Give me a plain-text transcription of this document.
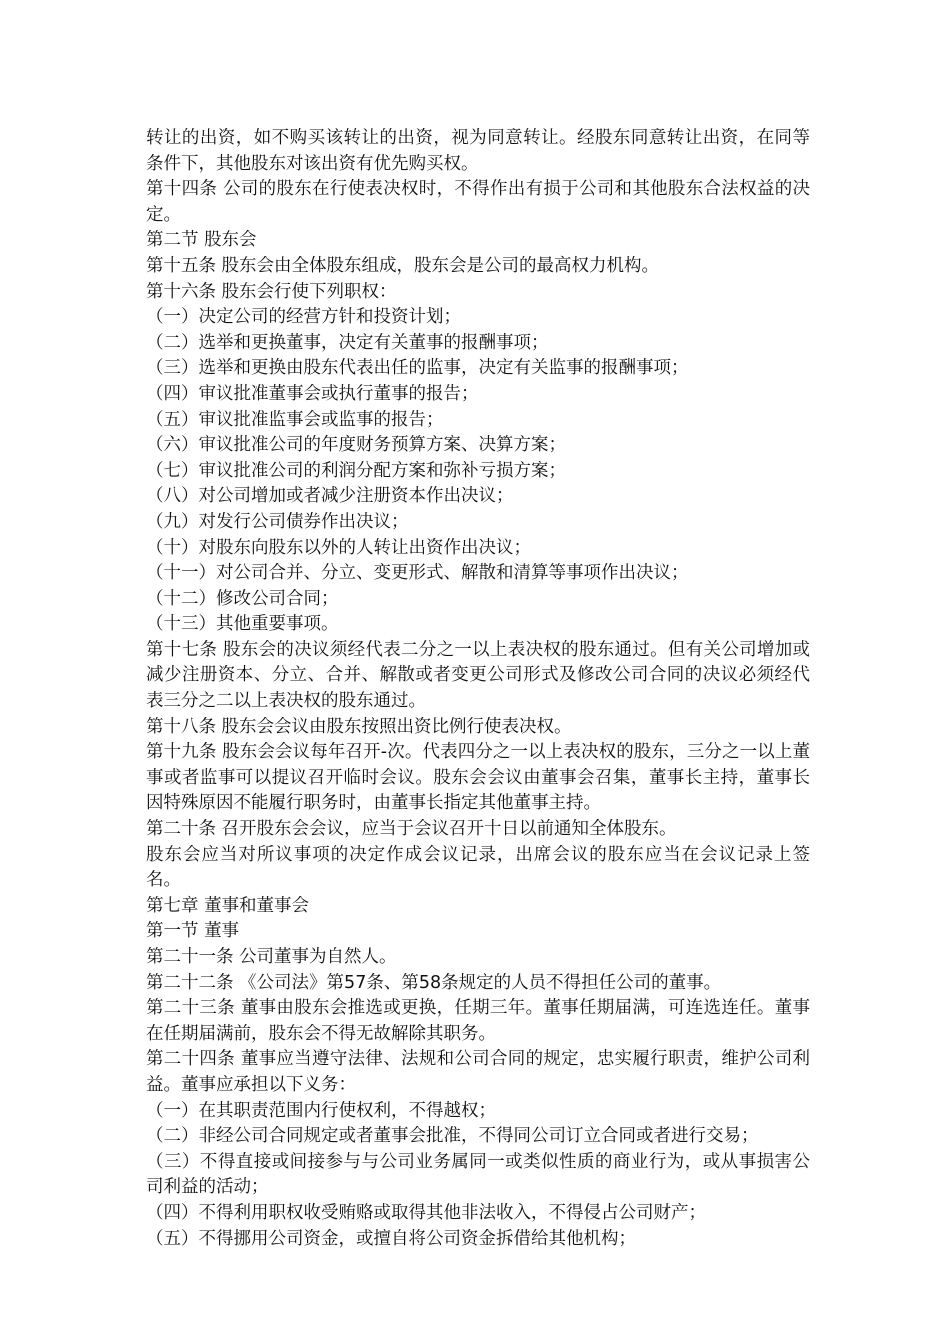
转让的出资，如不购买该转让的出资，视为同意转让。经股东同意转让出资，在同等条件下，其他股东对该出资有优先购买权。

第十四条 公司的股东在行使表决权时，不得作出有损于公司和其他股东合法权益的决定。

第二节 股东会

第十五条 股东会由全体股东组成，股东会是公司的最高权力机构。

第十六条 股东会行使下列职权：

（一）决定公司的经营方针和投资计划；

（二）选举和更换董事，决定有关董事的报酬事项；

（三）选举和更换由股东代表出任的监事，决定有关监事的报酬事项；

（四）审议批准董事会或执行董事的报告；

（五）审议批准监事会或监事的报告；

（六）审议批准公司的年度财务预算方案、决算方案；

（七）审议批准公司的利润分配方案和弥补亏损方案；

（八）对公司增加或者减少注册资本作出决议；

（九）对发行公司债券作出决议；

（十）对股东向股东以外的人转让出资作出决议；

（十一）对公司合并、分立、变更形式、解散和清算等事项作出决议；

（十二）修改公司合同；

（十三）其他重要事项。

第十七条 股东会的决议须经代表二分之一以上表决权的股东通过。但有关公司增加或减少注册资本、分立、合并、解散或者变更公司形式及修改公司合同的决议必须经代表三分之二以上表决权的股东通过。

第十八条 股东会会议由股东按照出资比例行使表决权。

第十九条 股东会会议每年召开-次。代表四分之一以上表决权的股东，三分之一以上董事或者监事可以提议召开临时会议。股东会会议由董事会召集，董事长主持，董事长因特殊原因不能履行职务时，由董事长指定其他董事主持。

第二十条 召开股东会会议，应当于会议召开十日以前通知全体股东。

股东会应当对所议事项的决定作成会议记录，出席会议的股东应当在会议记录上签名。

第七章 董事和董事会

第一节 董事

第二十一条 公司董事为自然人。

第二十二条 《公司法》第57条、第58条规定的人员不得担任公司的董事。

第二十三条 董事由股东会推选或更换，任期三年。董事任期届满，可连选连任。董事在任期届满前，股东会不得无故解除其职务。

第二十四条 董事应当遵守法律、法规和公司合同的规定，忠实履行职责，维护公司利益。董事应承担以下义务：

（一）在其职责范围内行使权利，不得越权；

（二）非经公司合同规定或者董事会批准，不得同公司订立合同或者进行交易；

（三）不得直接或间接参与与公司业务属同一或类似性质的商业行为，或从事损害公司利益的活动；

（四）不得利用职权收受贿赂或取得其他非法收入，不得侵占公司财产；

（五）不得挪用公司资金，或擅自将公司资金拆借给其他机构；
